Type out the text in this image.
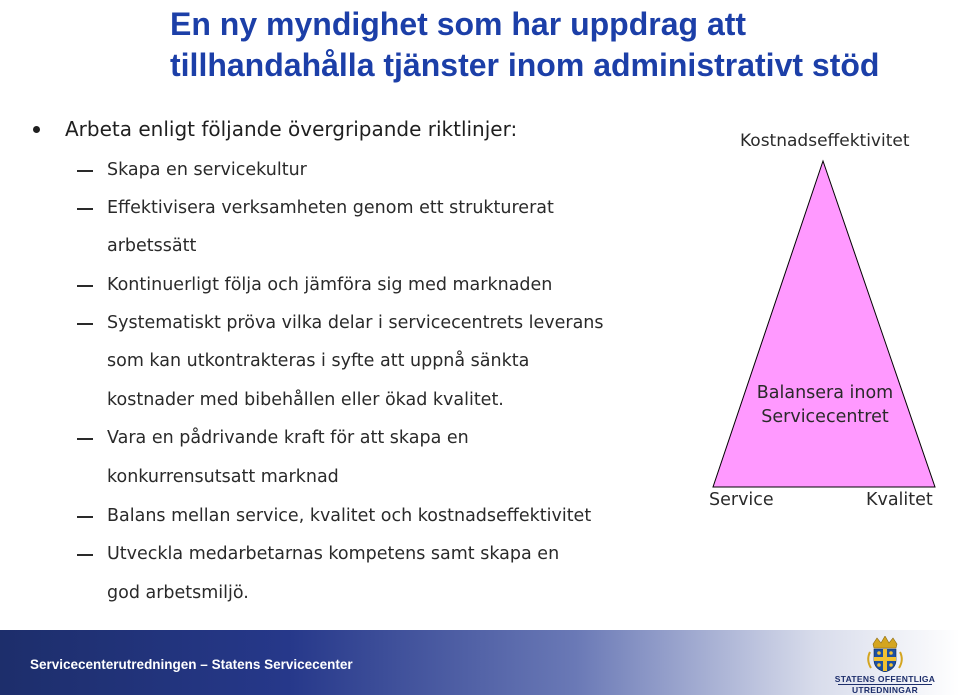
En ny myndighet som har uppdrag att
tillhandahålla tjänster inom administrativt stöd
Arbeta enligt följande övergripande riktlinjer:
Skapa en servicekultur
Effektivisera verksamheten genom ett strukturerat
arbetssätt
Kontinuerligt följa och jämföra sig med marknaden
Systematiskt pröva vilka delar i servicecentrets leverans
som kan utkontrakteras i syfte att uppnå sänkta
kostnader med bibehållen eller ökad kvalitet.
Vara en pådrivande kraft för att skapa en
konkurrensutsatt marknad
Balans mellan service, kvalitet och kostnadseffektivitet
Utveckla medarbetarnas kompetens samt skapa en
god arbetsmiljö.
Kostnadseffektivitet
Balansera inom
Servicecentret
Service	Kvalitet
Servicecenterutredningen – Statens Servicecenter
STATENS OFFENTLIGA
UTREDNINGAR
